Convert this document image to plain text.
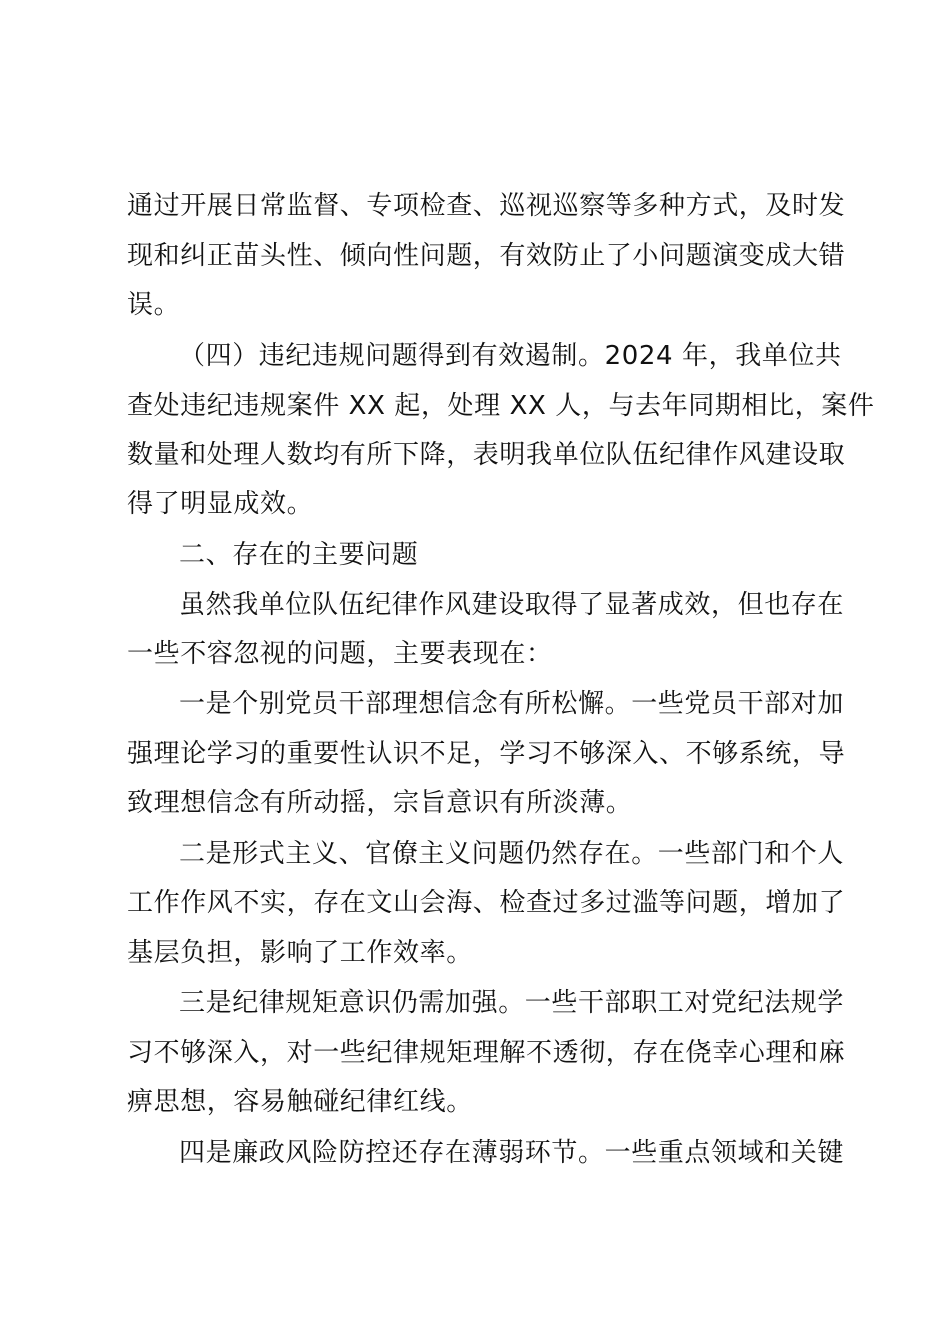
通过开展日常监督、专项检查、巡视巡察等多种方式，及时发
现和纠正苗头性、倾向性问题，有效防止了小问题演变成大错
误。
（四）违纪违规问题得到有效遏制。2024 年，我单位共
查处违纪违规案件 XX 起，处理 XX 人，与去年同期相比，案件
数量和处理人数均有所下降，表明我单位队伍纪律作风建设取
得了明显成效。
二、存在的主要问题
虽然我单位队伍纪律作风建设取得了显著成效，但也存在
一些不容忽视的问题，主要表现在：
一是个别党员干部理想信念有所松懈。一些党员干部对加
强理论学习的重要性认识不足，学习不够深入、不够系统，导
致理想信念有所动摇，宗旨意识有所淡薄。
二是形式主义、官僚主义问题仍然存在。一些部门和个人
工作作风不实，存在文山会海、检查过多过滥等问题，增加了
基层负担，影响了工作效率。
三是纪律规矩意识仍需加强。一些干部职工对党纪法规学
习不够深入，对一些纪律规矩理解不透彻，存在侥幸心理和麻
痹思想，容易触碰纪律红线。
四是廉政风险防控还存在薄弱环节。一些重点领域和关键
